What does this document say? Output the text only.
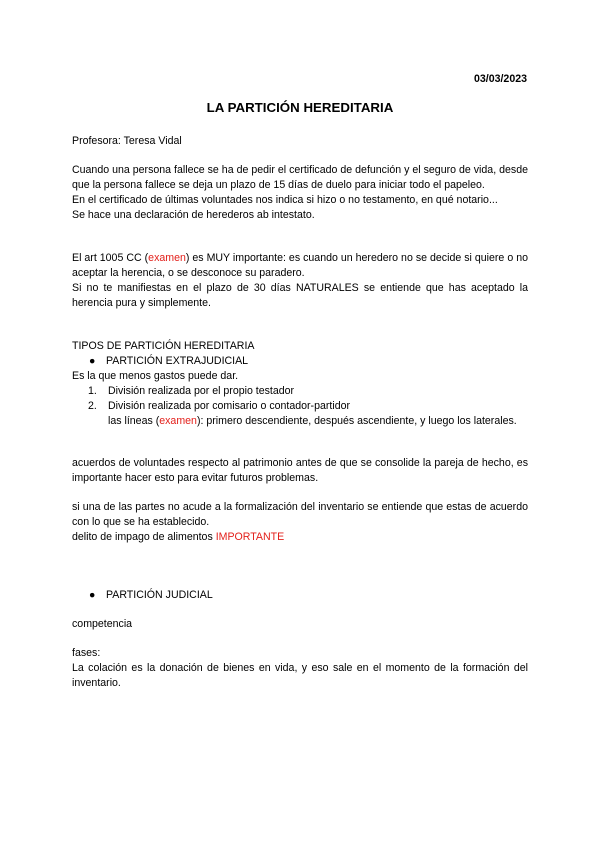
03/03/2023
LA PARTICIÓN HEREDITARIA
Profesora: Teresa Vidal
Cuando una persona fallece se ha de pedir el certificado de defunción y el seguro de vida, desde que la persona fallece se deja un plazo de 15 días de duelo para iniciar todo el papeleo.
En el certificado de últimas voluntades nos indica si hizo o no testamento, en qué notario...
Se hace una declaración de herederos ab intestato.
El art 1005 CC (examen) es MUY importante: es cuando un heredero no se decide si quiere o no aceptar la herencia, o se desconoce su paradero.
Si no te manifiestas en el plazo de 30 días NATURALES se entiende que has aceptado la herencia pura y simplemente.
TIPOS DE PARTICIÓN HEREDITARIA
● PARTICIÓN EXTRAJUDICIAL
Es la que menos gastos puede dar.
1. División realizada por el propio testador
2. División realizada por comisario o contador-partidor
las líneas (examen): primero descendiente, después ascendiente, y luego los laterales.
acuerdos de voluntades respecto al patrimonio antes de que se consolide la pareja de hecho, es importante hacer esto para evitar futuros problemas.
si una de las partes no acude a la formalización del inventario se entiende que estas de acuerdo con lo que se ha establecido.
delito de impago de alimentos IMPORTANTE
● PARTICIÓN JUDICIAL
competencia
fases:
La colación es la donación de bienes en vida, y eso sale en el momento de la formación del inventario.
